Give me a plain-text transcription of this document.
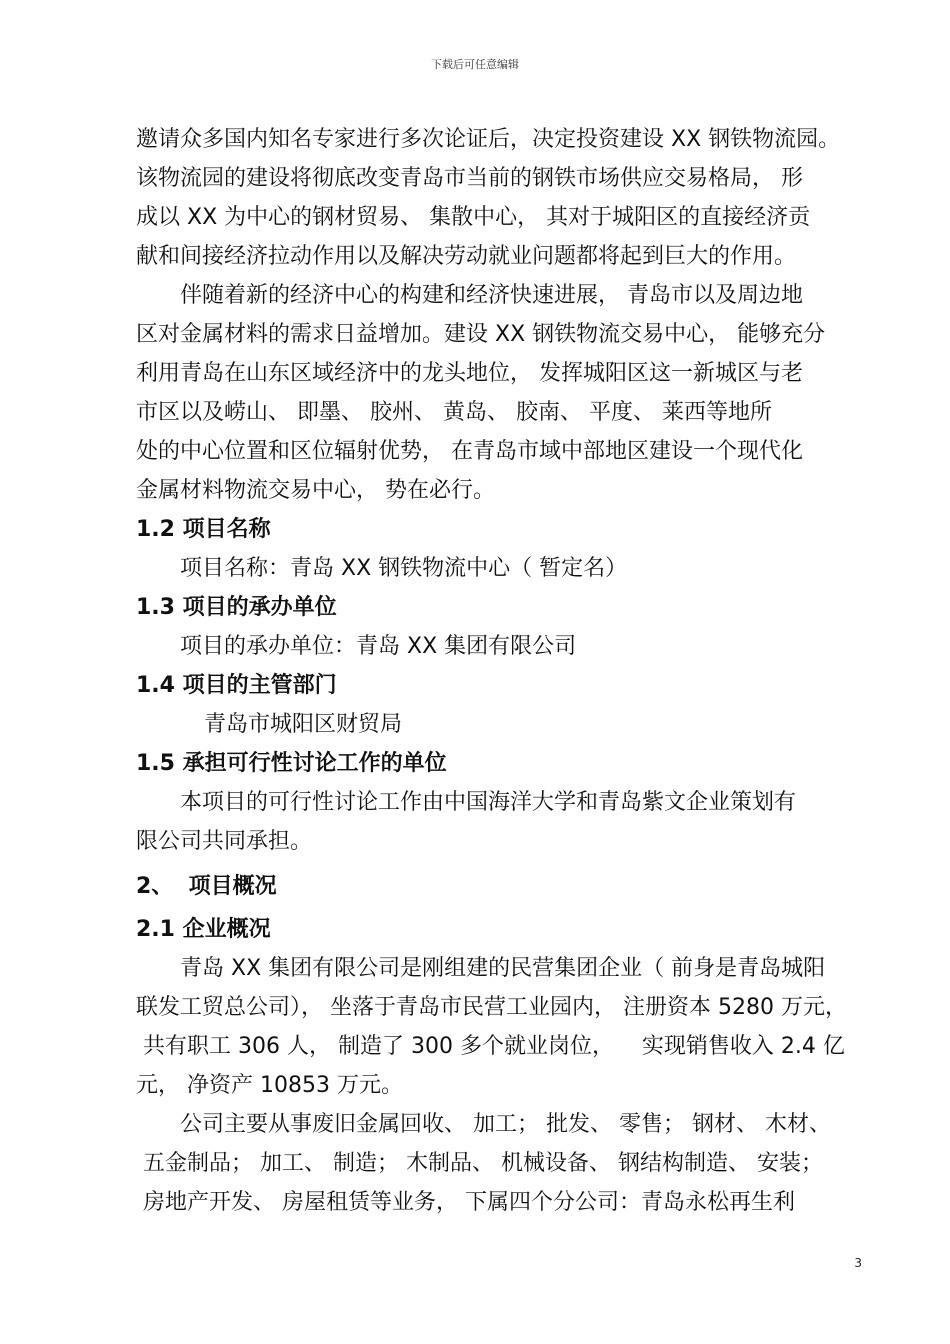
下载后可任意编辑
邀请众多国内知名专家进行多次论证后，决定投资建设 XX 钢铁物流园。
该物流园的建设将彻底改变青岛市当前的钢铁市场供应交易格局， 形
成以 XX 为中心的钢材贸易、 集散中心， 其对于城阳区的直接经济贡
献和间接经济拉动作用以及解决劳动就业问题都将起到巨大的作用。
伴随着新的经济中心的构建和经济快速进展， 青岛市以及周边地
区对金属材料的需求日益增加。建设 XX 钢铁物流交易中心， 能够充分
利用青岛在山东区域经济中的龙头地位， 发挥城阳区这一新城区与老
市区以及崂山、 即墨、 胶州、 黄岛、 胶南、 平度、 莱西等地所
处的中心位置和区位辐射优势， 在青岛市域中部地区建设一个现代化
金属材料物流交易中心， 势在必行。
1.2 项目名称
项目名称：青岛 XX 钢铁物流中心（ 暂定名）
1.3 项目的承办单位
项目的承办单位：青岛 XX 集团有限公司
1.4 项目的主管部门
青岛市城阳区财贸局
1.5 承担可行性讨论工作的单位
本项目的可行性讨论工作由中国海洋大学和青岛紫文企业策划有
限公司共同承担。
2、  项目概况
2.1 企业概况
青岛 XX 集团有限公司是刚组建的民营集团企业（ 前身是青岛城阳
联发工贸总公司）， 坐落于青岛市民营工业园内， 注册资本 5280 万元，
共有职工 306 人， 制造了 300 多个就业岗位，    实现销售收入 2.4 亿
元， 净资产 10853 万元。
公司主要从事废旧金属回收、 加工； 批发、 零售； 钢材、 木材、
五金制品； 加工、 制造； 木制品、 机械设备、 钢结构制造、 安装；
房地产开发、 房屋租赁等业务， 下属四个分公司：青岛永松再生利
3
